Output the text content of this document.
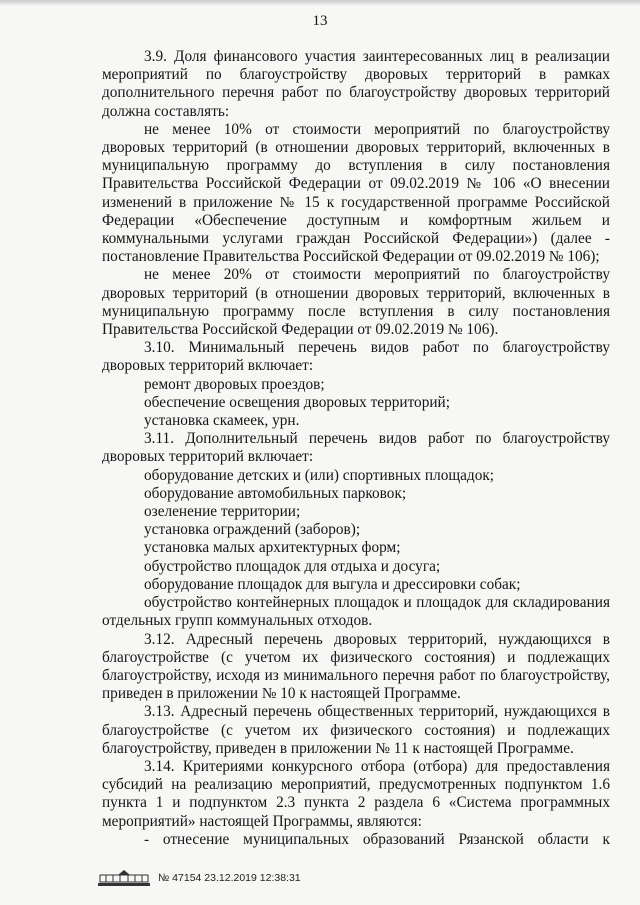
13

3.9. Доля финансового участия заинтересованных лиц в реализации мероприятий по благоустройству дворовых территорий в рамках дополнительного перечня работ по благоустройству дворовых территорий должна составлять:

не менее 10% от стоимости мероприятий по благоустройству дворовых территорий (в отношении дворовых территорий, включенных в муниципальную программу до вступления в силу постановления Правительства Российской Федерации от 09.02.2019 № 106 «О внесении изменений в приложение № 15 к государственной программе Российской Федерации «Обеспечение доступным и комфортным жильем и коммунальными услугами граждан Российской Федерации») (далее - постановление Правительства Российской Федерации от 09.02.2019 № 106);

не менее 20% от стоимости мероприятий по благоустройству дворовых территорий (в отношении дворовых территорий, включенных в муниципальную программу после вступления в силу постановления Правительства Российской Федерации от 09.02.2019 № 106).

3.10. Минимальный перечень видов работ по благоустройству дворовых территорий включает:

ремонт дворовых проездов;

обеспечение освещения дворовых территорий;

установка скамеек, урн.

3.11. Дополнительный перечень видов работ по благоустройству дворовых территорий включает:

оборудование детских и (или) спортивных площадок;

оборудование автомобильных парковок;

озеленение территории;

установка ограждений (заборов);

установка малых архитектурных форм;

обустройство площадок для отдыха и досуга;

оборудование площадок для выгула и дрессировки собак;

обустройство контейнерных площадок и площадок для складирования отдельных групп коммунальных отходов.

3.12. Адресный перечень дворовых территорий, нуждающихся в благоустройстве (с учетом их физического состояния) и подлежащих благоустройству, исходя из минимального перечня работ по благоустройству, приведен в приложении № 10 к настоящей Программе.

3.13. Адресный перечень общественных территорий, нуждающихся в благоустройстве (с учетом их физического состояния) и подлежащих благоустройству, приведен в приложении № 11 к настоящей Программе.

3.14. Критериями конкурсного отбора (отбора) для предоставления субсидий на реализацию мероприятий, предусмотренных подпунктом 1.6 пункта 1 и подпунктом 2.3 пункта 2 раздела 6 «Система программных мероприятий» настоящей Программы, являются:

- отнесение муниципальных образований Рязанской области к

№ 47154 23.12.2019 12:38:31
